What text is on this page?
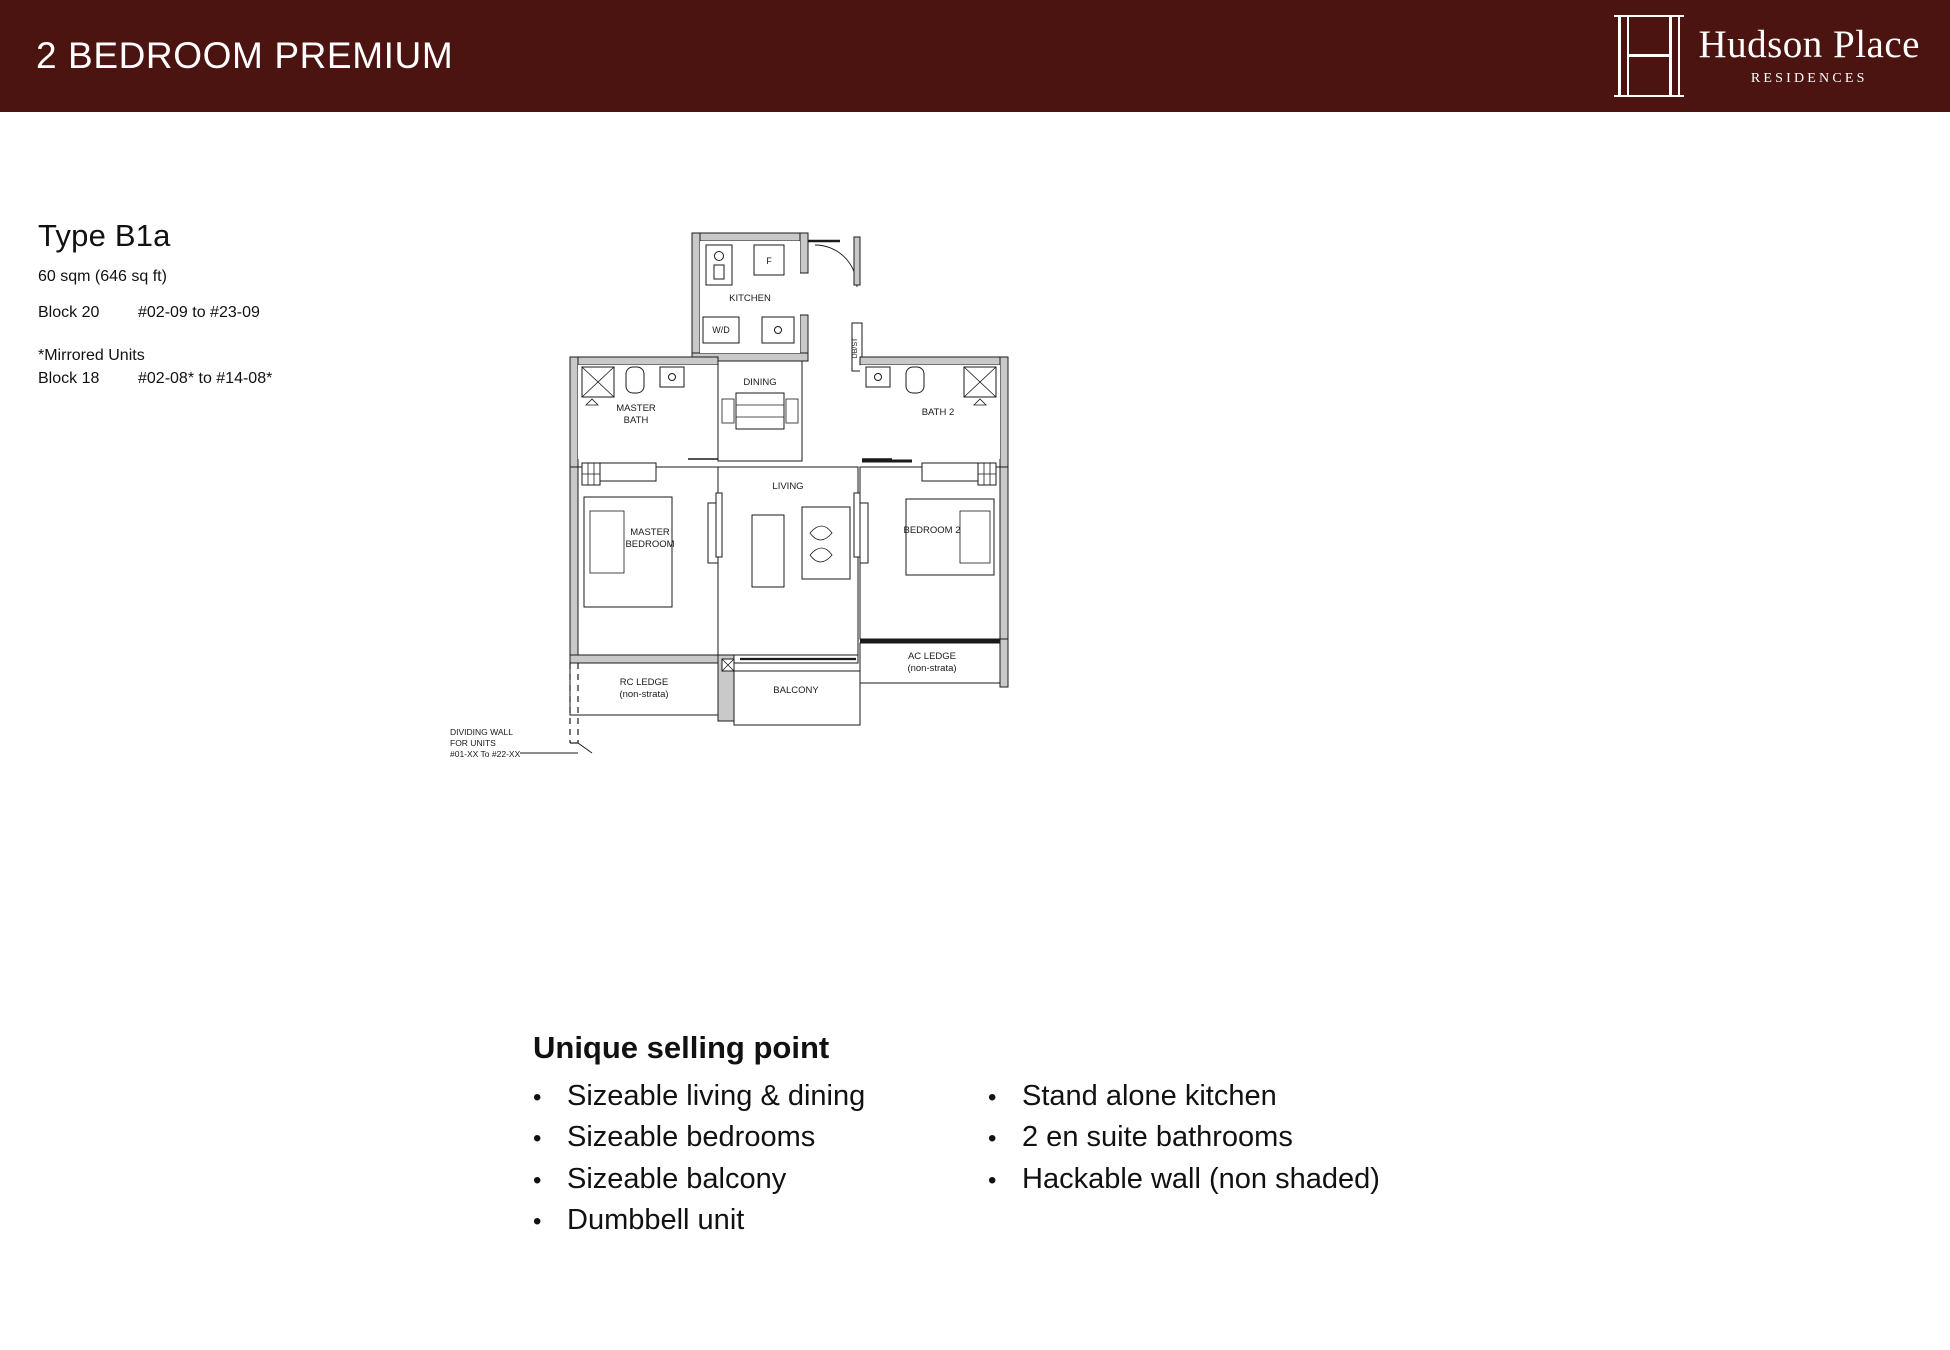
2 BEDROOM PREMIUM	Hudson Place
RESIDENCES
Type B1a
60 sqm (646 sq ft)
Block 20	#02-09 to #23-09
*Mirrored Units
Block 18	#02-08* to #14-08*
F
W/D
KITCHEN
DB/ST
MASTER
BATH
DINING
BATH 2
MASTER
BEDROOM
LIVING
BEDROOM 2
AC LEDGE
(non-strata)
RC LEDGE
(non-strata)	BALCONY
DIVIDING WALL
FOR UNITS
#01-XX To #22-XX
Unique selling point
• Sizeable living & dining
• Sizeable bedrooms
• Sizeable balcony
• Dumbbell unit
• Stand alone kitchen
• 2 en suite bathrooms
• Hackable wall (non shaded)
